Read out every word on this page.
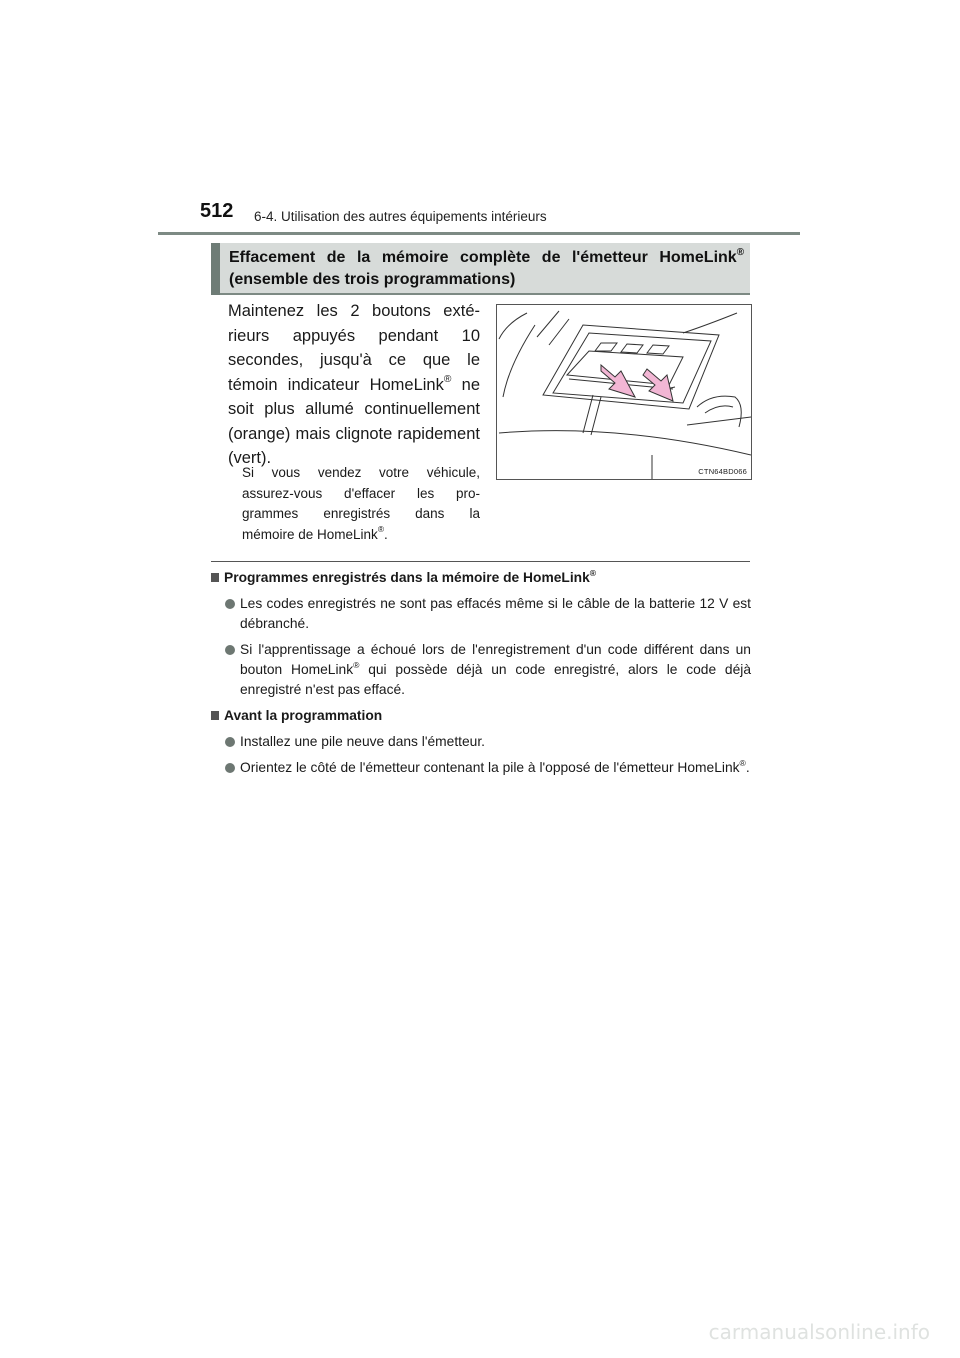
512 6-4. Utilisation des autres équipements intérieurs
Effacement de la mémoire complète de l'émetteur HomeLink®
(ensemble des trois programmations)
Maintenez les 2 boutons exté-
rieurs appuyés pendant 10
secondes, jusqu'à ce que le
témoin indicateur HomeLink® ne
soit plus allumé continuellement
(orange) mais clignote rapidement
(vert).
Si vous vendez votre véhicule,
assurez-vous d'effacer les pro-
grammes enregistrés dans la
mémoire de HomeLink®.
CTN64BD066
Programmes enregistrés dans la mémoire de HomeLink®
Les codes enregistrés ne sont pas effacés même si le câble de la batterie 12 V est débranché.
Si l'apprentissage a échoué lors de l'enregistrement d'un code différent dans un bouton HomeLink® qui possède déjà un code enregistré, alors le code déjà enregistré n'est pas effacé.
Avant la programmation
Installez une pile neuve dans l'émetteur.
Orientez le côté de l'émetteur contenant la pile à l'opposé de l'émetteur HomeLink®.
carmanualsonline.info
